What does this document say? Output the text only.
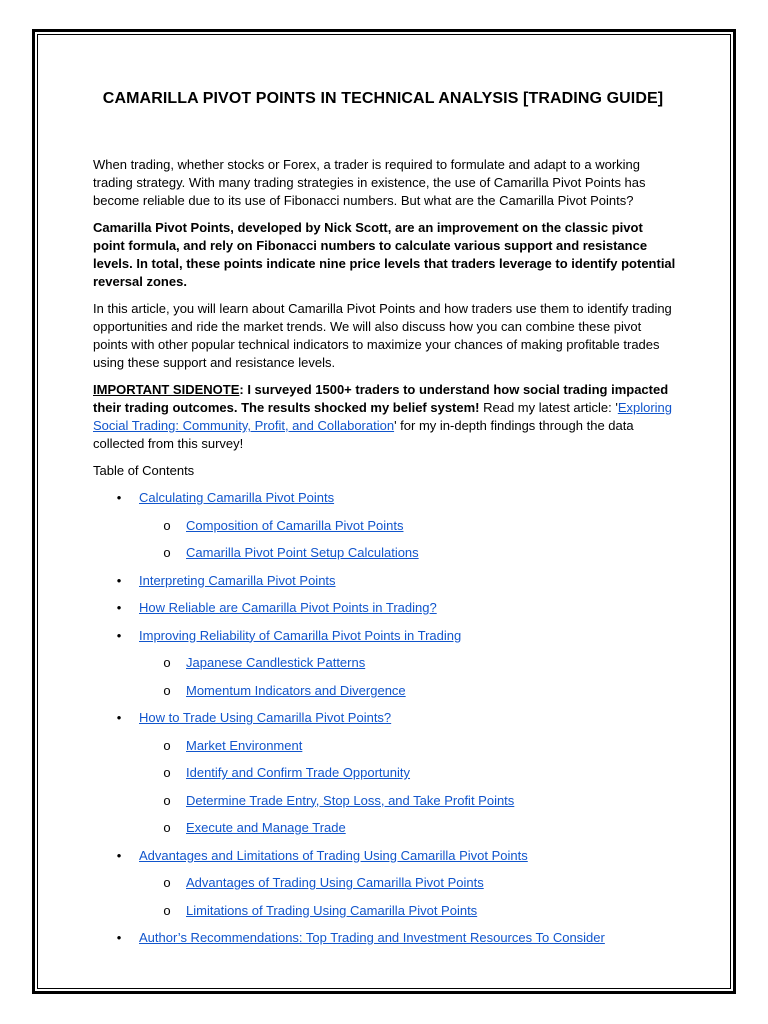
CAMARILLA PIVOT POINTS IN TECHNICAL ANALYSIS [TRADING GUIDE]

When trading, whether stocks or Forex, a trader is required to formulate and adapt to a working trading strategy. With many trading strategies in existence, the use of Camarilla Pivot Points has become reliable due to its use of Fibonacci numbers. But what are the Camarilla Pivot Points?

Camarilla Pivot Points, developed by Nick Scott, are an improvement on the classic pivot point formula, and rely on Fibonacci numbers to calculate various support and resistance levels. In total, these points indicate nine price levels that traders leverage to identify potential reversal zones.

In this article, you will learn about Camarilla Pivot Points and how traders use them to identify trading opportunities and ride the market trends. We will also discuss how you can combine these pivot points with other popular technical indicators to maximize your chances of making profitable trades using these support and resistance levels.

IMPORTANT SIDENOTE: I surveyed 1500+ traders to understand how social trading impacted their trading outcomes. The results shocked my belief system! Read my latest article: 'Exploring Social Trading: Community, Profit, and Collaboration' for my in-depth findings through the data collected from this survey!

Table of Contents

• Calculating Camarilla Pivot Points
o Composition of Camarilla Pivot Points
o Camarilla Pivot Point Setup Calculations
• Interpreting Camarilla Pivot Points
• How Reliable are Camarilla Pivot Points in Trading?
• Improving Reliability of Camarilla Pivot Points in Trading
o Japanese Candlestick Patterns
o Momentum Indicators and Divergence
• How to Trade Using Camarilla Pivot Points?
o Market Environment
o Identify and Confirm Trade Opportunity
o Determine Trade Entry, Stop Loss, and Take Profit Points
o Execute and Manage Trade
• Advantages and Limitations of Trading Using Camarilla Pivot Points
o Advantages of Trading Using Camarilla Pivot Points
o Limitations of Trading Using Camarilla Pivot Points
• Author’s Recommendations: Top Trading and Investment Resources To Consider
